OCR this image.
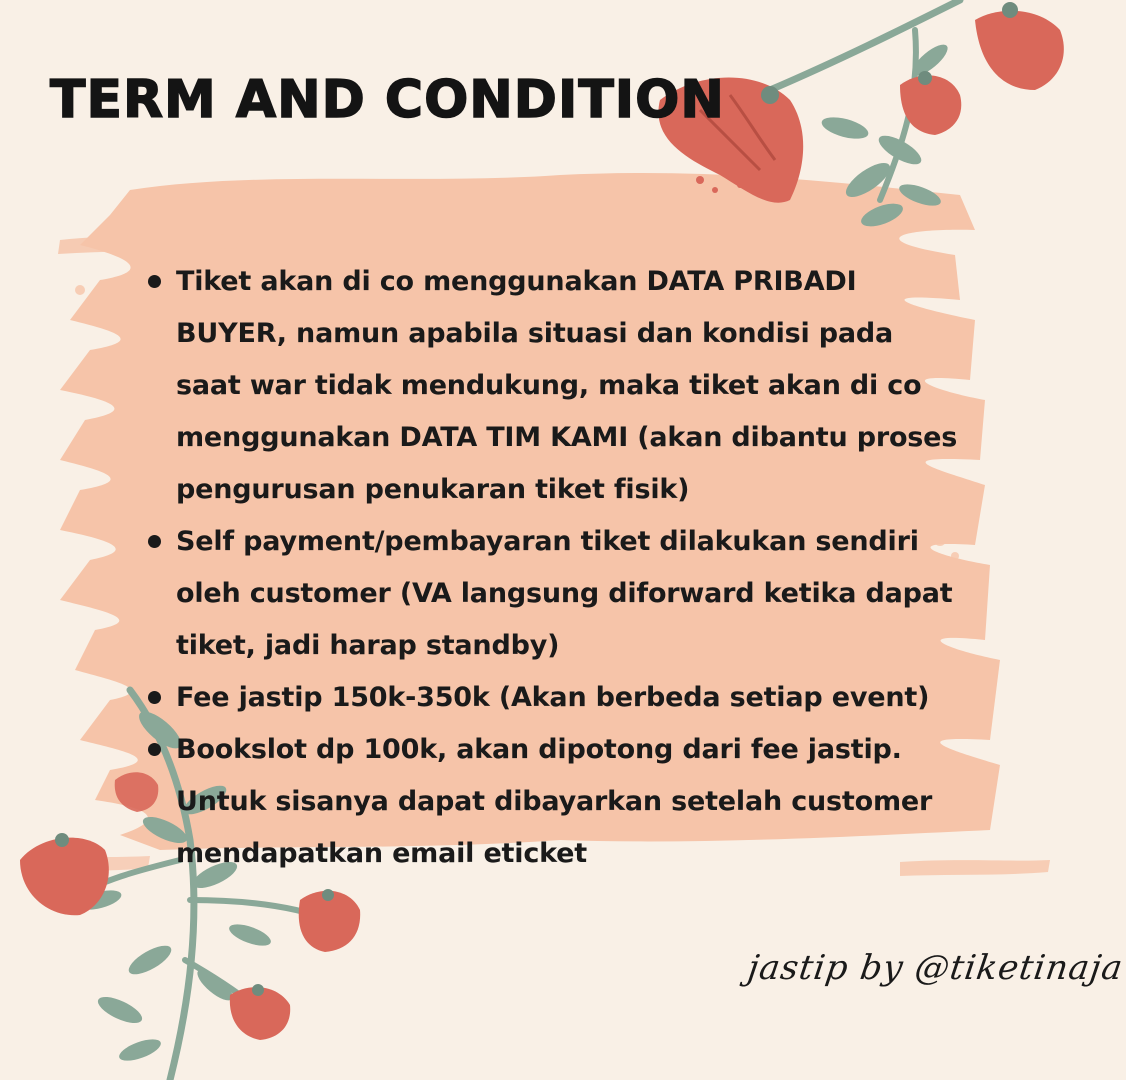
TERM AND CONDITION
Tiket akan di co menggunakan DATA PRIBADI BUYER, namun apabila situasi dan kondisi pada saat war tidak mendukung, maka tiket akan di co menggunakan DATA TIM KAMI (akan dibantu proses pengurusan penukaran tiket fisik)
Self payment/pembayaran tiket dilakukan sendiri oleh customer (VA langsung diforward ketika dapat tiket, jadi harap standby)
Fee jastip 150k-350k (Akan berbeda setiap event)
Bookslot dp 100k, akan dipotong dari fee jastip. Untuk sisanya dapat dibayarkan setelah customer mendapatkan email eticket
jastip by @tiketinaja
